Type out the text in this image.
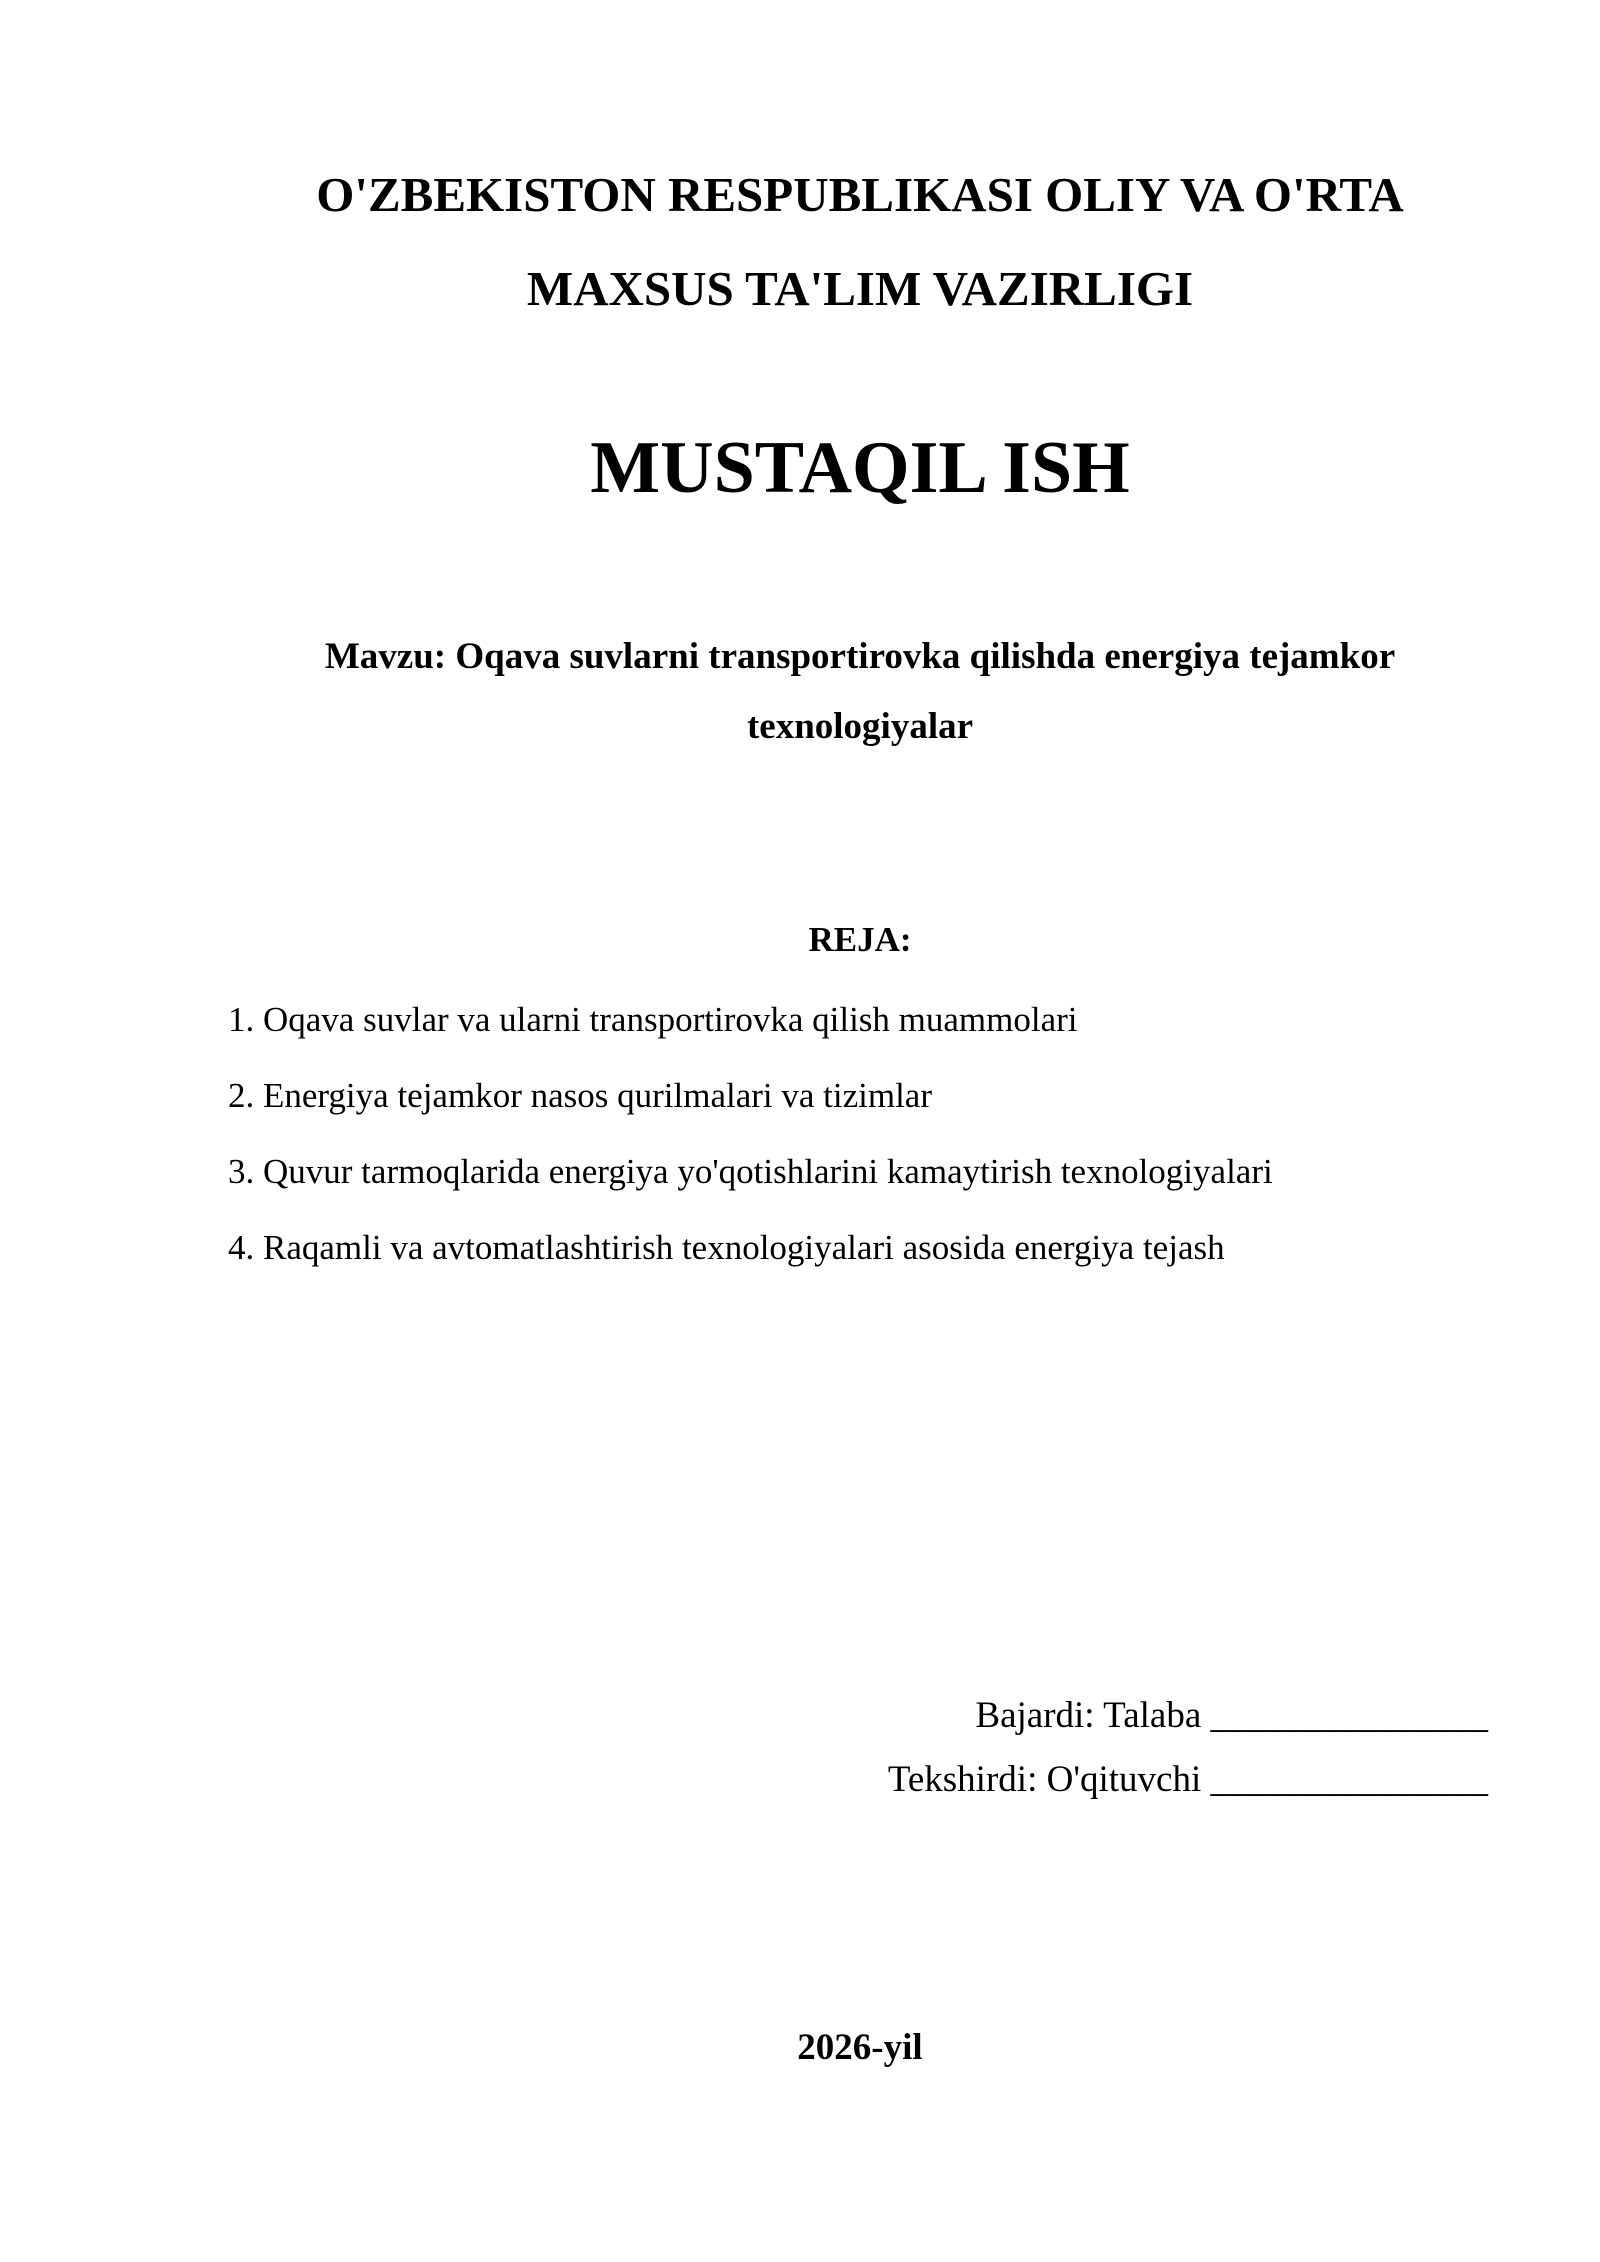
O'ZBEKISTON RESPUBLIKASI OLIY VA O'RTA
MAXSUS TA'LIM VAZIRLIGI
MUSTAQIL ISH
Mavzu: Oqava suvlarni transportirovka qilishda energiya tejamkor
texnologiyalar
REJA:
1. Oqava suvlar va ularni transportirovka qilish muammolari
2. Energiya tejamkor nasos qurilmalari va tizimlar
3. Quvur tarmoqlarida energiya yo'qotishlarini kamaytirish texnologiyalari
4. Raqamli va avtomatlashtirish texnologiyalari asosida energiya tejash
Bajardi: Talaba _______________
Tekshirdi: O'qituvchi _______________
2026-yil
